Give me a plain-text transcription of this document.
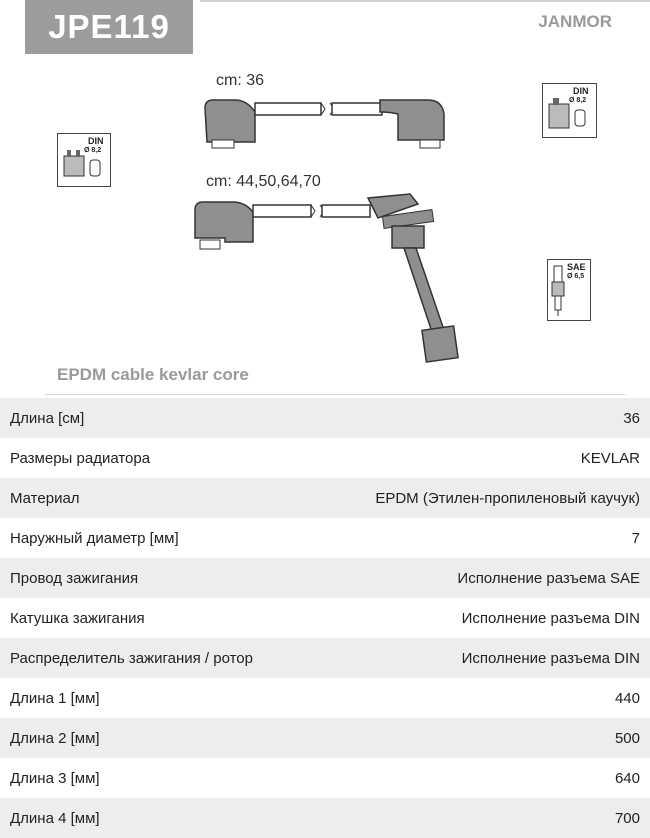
JPE119	JANMOR
cm: 36
cm: 44,50,64,70
DIN
Ø 8,2
DIN
Ø 8,2
SAE
Ø 6,5
EPDM cable kevlar core
Длина [см]	36
Размеры радиатора	KEVLAR
Материал	EPDM (Этилен-пропиленовый каучук)
Наружный диаметр [мм]	7
Провод зажигания	Исполнение разъема SAE
Катушка зажигания	Исполнение разъема DIN
Распределитель зажигания / ротор	Исполнение разъема DIN
Длина 1 [мм]	440
Длина 2 [мм]	500
Длина 3 [мм]	640
Длина 4 [мм]	700
